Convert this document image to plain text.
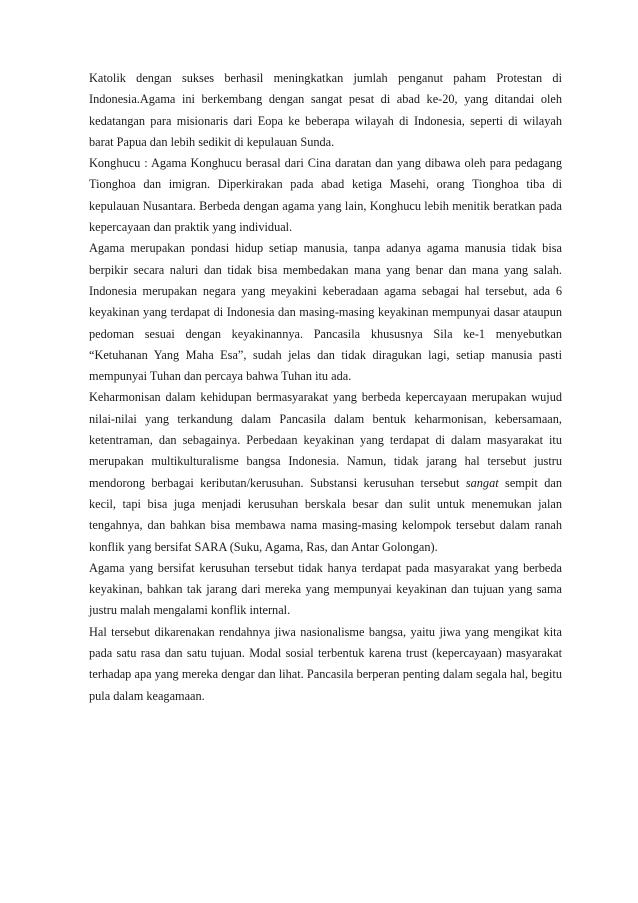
Katolik dengan sukses berhasil meningkatkan jumlah penganut paham Protestan di Indonesia.Agama ini berkembang dengan sangat pesat di abad ke-20, yang ditandai oleh kedatangan para misionaris dari Eopa ke beberapa wilayah di Indonesia, seperti di wilayah barat Papua dan lebih sedikit di kepulauan Sunda.

Konghucu : Agama Konghucu berasal dari Cina daratan dan yang dibawa oleh para pedagang Tionghoa dan imigran. Diperkirakan pada abad ketiga Masehi, orang Tionghoa tiba di kepulauan Nusantara. Berbeda dengan agama yang lain, Konghucu lebih menitik beratkan pada kepercayaan dan praktik yang individual.

Agama merupakan pondasi hidup setiap manusia, tanpa adanya agama manusia tidak bisa berpikir secara naluri dan tidak bisa membedakan mana yang benar dan mana yang salah. Indonesia merupakan negara yang meyakini keberadaan agama sebagai hal tersebut, ada 6 keyakinan yang terdapat di Indonesia dan masing-masing keyakinan mempunyai dasar ataupun pedoman sesuai dengan keyakinannya. Pancasila khususnya Sila ke-1 menyebutkan “Ketuhanan Yang Maha Esa”, sudah jelas dan tidak diragukan lagi, setiap manusia pasti mempunyai Tuhan dan percaya bahwa Tuhan itu ada.

Keharmonisan dalam kehidupan bermasyarakat yang berbeda kepercayaan merupakan wujud nilai-nilai yang terkandung dalam Pancasila dalam bentuk keharmonisan, kebersamaan, ketentraman, dan sebagainya. Perbedaan keyakinan yang terdapat di dalam masyarakat itu merupakan multikulturalisme bangsa Indonesia. Namun, tidak jarang hal tersebut justru mendorong berbagai keributan/kerusuhan. Substansi kerusuhan tersebut sangat sempit dan kecil, tapi bisa juga menjadi kerusuhan berskala besar dan sulit untuk menemukan jalan tengahnya, dan bahkan bisa membawa nama masing-masing kelompok tersebut dalam ranah konflik yang bersifat SARA (Suku, Agama, Ras, dan Antar Golongan).

Agama yang bersifat kerusuhan tersebut tidak hanya terdapat pada masyarakat yang berbeda keyakinan, bahkan tak jarang dari mereka yang mempunyai keyakinan dan tujuan yang sama justru malah mengalami konflik internal.

Hal tersebut dikarenakan rendahnya jiwa nasionalisme bangsa, yaitu jiwa yang mengikat kita pada satu rasa dan satu tujuan. Modal sosial terbentuk karena trust (kepercayaan) masyarakat terhadap apa yang mereka dengar dan lihat. Pancasila berperan penting dalam segala hal, begitu pula dalam keagamaan.
